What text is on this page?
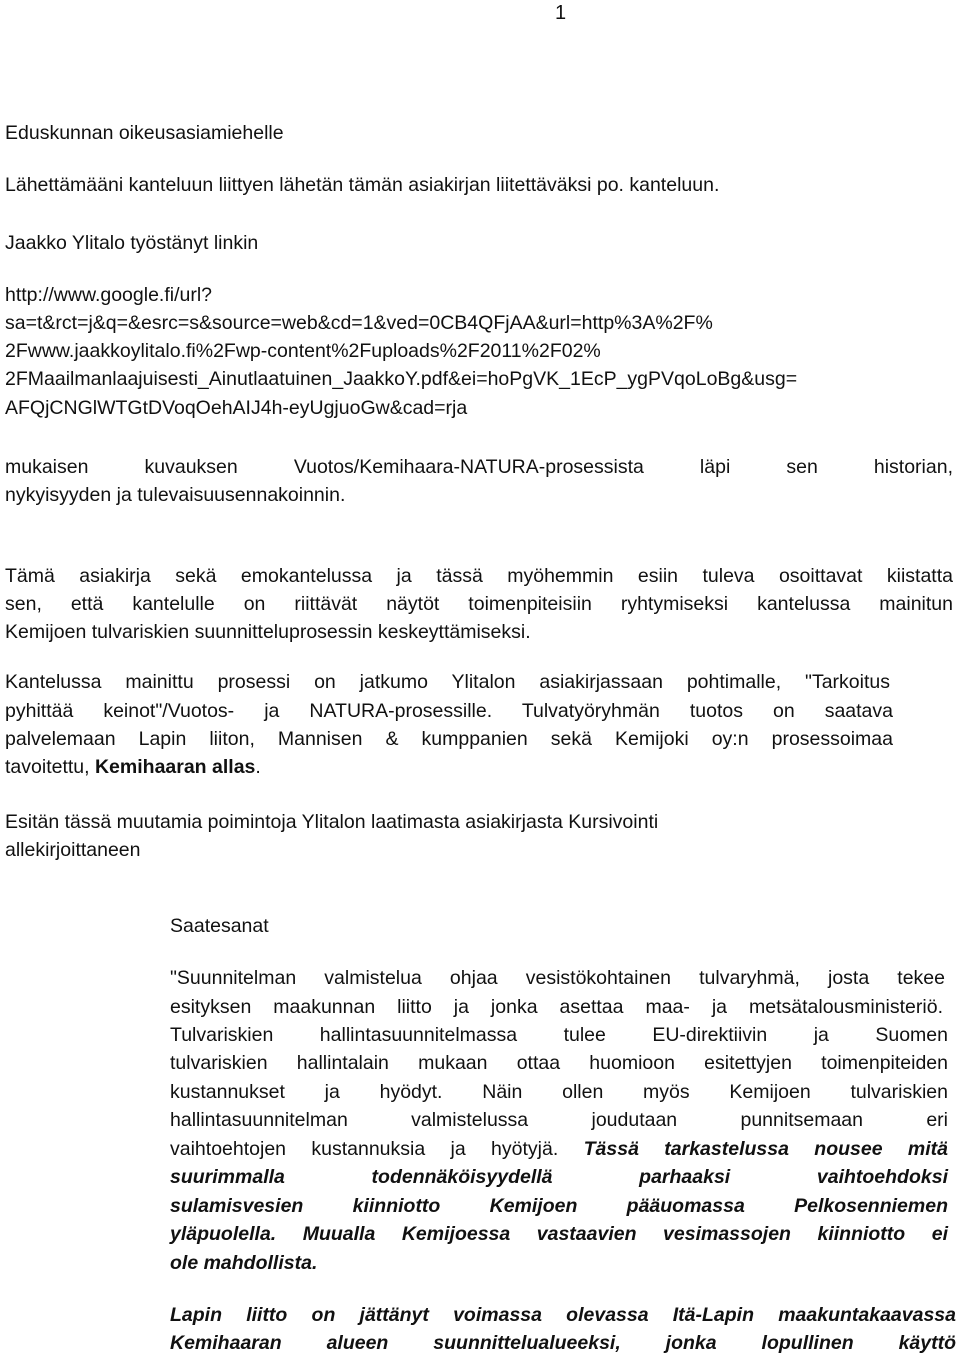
1
Eduskunnan oikeusasiamiehelle
Lähettämääni kanteluun liittyen lähetän tämän asiakirjan liitettäväksi po. kanteluun.
Jaakko Ylitalo työstänyt linkin
http://www.google.fi/url?
sa=t&rct=j&q=&esrc=s&source=web&cd=1&ved=0CB4QFjAA&url=http%3A%2F%
2Fwww.jaakkoylitalo.fi%2Fwp-content%2Fuploads%2F2011%2F02%
2FMaailmanlaajuisesti_Ainutlaatuinen_JaakkoY.pdf&ei=hoPgVK_1EcP_ygPVqoLoBg&usg=
AFQjCNGlWTGtDVoqOehAIJ4h-eyUgjuoGw&cad=rja
mukaisen kuvauksen Vuotos/Kemihaara-NATURA-prosessista läpi sen historian,
nykyisyyden ja tulevaisuusennakoinnin.
Tämä asiakirja sekä emokantelussa ja tässä myöhemmin esiin tuleva osoittavat kiistatta
sen, että kantelulle on riittävät näytöt toimenpiteisiin ryhtymiseksi kantelussa mainitun
Kemijoen tulvariskien suunnitteluprosessin keskeyttämiseksi.
Kantelussa mainittu prosessi on jatkumo Ylitalon asiakirjassaan pohtimalle, "Tarkoitus
pyhittää keinot"/Vuotos- ja NATURA-prosessille. Tulvatyöryhmän tuotos on saatava
palvelemaan Lapin liiton, Mannisen & kumppanien sekä Kemijoki oy:n prosessoimaa
tavoitettu, Kemihaaran allas.
Esitän tässä muutamia poimintoja Ylitalon laatimasta asiakirjasta Kursivointi
allekirjoittaneen
Saatesanat
"Suunnitelman valmistelua ohjaa vesistökohtainen tulvaryhmä, josta tekee
esityksen maakunnan liitto ja jonka asettaa maa- ja metsätalousministeriö.
Tulvariskien hallintasuunnitelmassa tulee EU-direktiivin ja Suomen
tulvariskien hallintalain mukaan ottaa huomioon esitettyjen toimenpiteiden
kustannukset ja hyödyt. Näin ollen myös Kemijoen tulvariskien
hallintasuunnitelman valmistelussa joudutaan punnitsemaan eri
vaihtoehtojen kustannuksia ja hyötyjä. Tässä tarkastelussa nousee mitä
suurimmalla todennäköisyydellä parhaaksi vaihtoehdoksi
sulamisvesien kiinniotto Kemijoen pääuomassa Pelkosenniemen
yläpuolella. Muualla Kemijoessa vastaavien vesimassojen kiinniotto ei
ole mahdollista.
Lapin liitto on jättänyt voimassa olevassa Itä-Lapin maakuntakaavassa
Kemihaaran alueen suunnittelualueeksi, jonka lopullinen käyttö
